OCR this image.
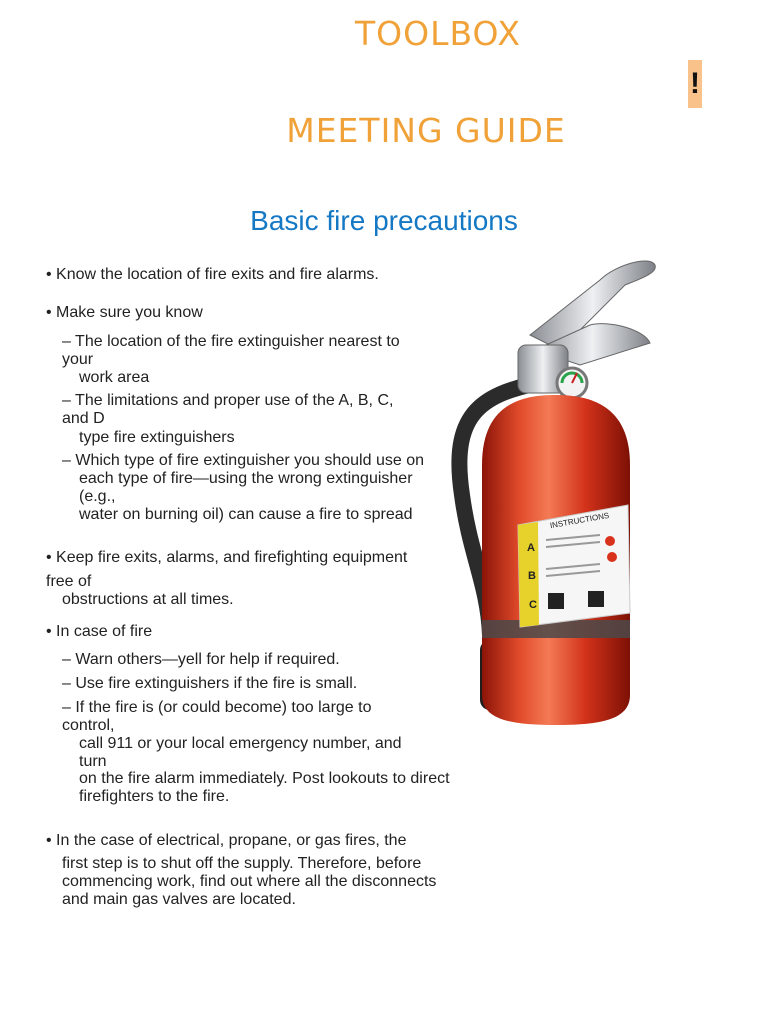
TOOLBOX
!
MEETING GUIDE
Basic fire precautions
• Know the location of fire exits and fire alarms.
• Make sure you know
– The location of the fire extinguisher nearest to
your
work area
– The limitations and proper use of the A, B, C,
and D
type fire extinguishers
– Which type of fire extinguisher you should use on
each type of fire—using the wrong extinguisher
(e.g.,
water on burning oil) can cause a fire to spread
• Keep fire exits, alarms, and firefighting equipment
free of
obstructions at all times.
• In case of fire
– Warn others—yell for help if required.
– Use fire extinguishers if the fire is small.
– If the fire is (or could become) too large to
control,
call 911 or your local emergency number, and
turn
on the fire alarm immediately. Post lookouts to direct
firefighters to the fire.
• In the case of electrical, propane, or gas fires, the
first step is to shut off the supply. Therefore, before
commencing work, find out where all the disconnects
and main gas valves are located.
INSTRUCTIONS
A
B
C
